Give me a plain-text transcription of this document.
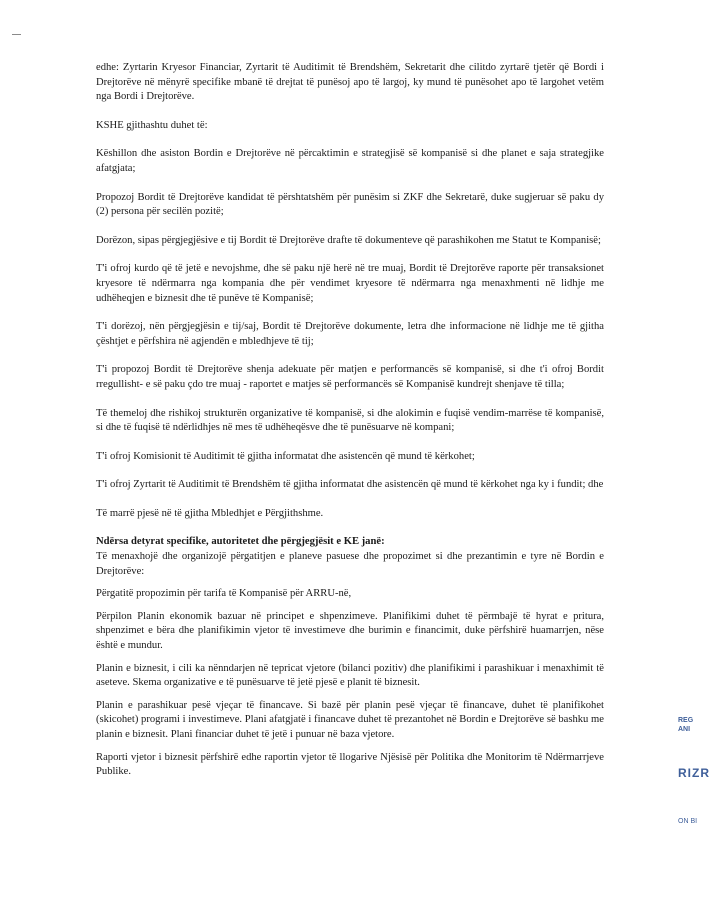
edhe: Zyrtarin Kryesor Financiar, Zyrtarit të Auditimit të Brendshëm, Sekretarit dhe cilitdo zyrtarë tjetër që Bordi i Drejtorëve në mënyrë specifike mbanë të drejtat të punësoj apo të largoj, ky mund të punësohet apo të largohet vetëm nga Bordi i Drejtorëve.

KSHE gjithashtu duhet të:

Këshillon dhe asiston Bordin e Drejtorëve në përcaktimin e strategjisë së kompanisë si dhe planet e saja strategjike afatgjata;

Propozoj Bordit të Drejtorëve kandidat të përshtatshëm për punësim si ZKF dhe Sekretarë, duke sugjeruar së paku dy (2) persona për secilën pozitë;

Dorëzon, sipas përgjegjësive e tij Bordit të Drejtorëve drafte të dokumenteve që parashikohen me Statut te Kompanisë;

T'i ofroj kurdo që të jetë e nevojshme, dhe së paku një herë në tre muaj, Bordit të Drejtorëve raporte për transaksionet kryesore të ndërmarra nga kompania dhe për vendimet kryesore të ndërmarra nga menaxhmenti në lidhje me udhëheqjen e biznesit dhe të punëve të Kompanisë;

T'i dorëzoj, nën përgjegjësin e tij/saj, Bordit të Drejtorëve dokumente, letra dhe informacione në lidhje me të gjitha çështjet e përfshira në agjendën e mbledhjeve të tij;

T'i propozoj Bordit të Drejtorëve shenja adekuate për matjen e performancës së kompanisë, si dhe t'i ofroj Bordit rregullisht- e së paku çdo tre muaj - raportet e matjes së performancës së Kompanisë kundrejt shenjave të tilla;

Të themeloj dhe rishikoj strukturën organizative të kompanisë, si dhe alokimin e fuqisë vendim-marrëse të kompanisë, si dhe të fuqisë të ndërlidhjes në mes të udhëheqësve dhe të punësuarve në kompani;

T'i ofroj Komisionit të Auditimit të gjitha informatat dhe asistencën që mund të kërkohet;

T'i ofroj Zyrtarit të Auditimit të Brendshëm të gjitha informatat dhe asistencën që mund të kërkohet nga ky i fundit; dhe

Të marrë pjesë në të gjitha Mbledhjet e Përgjithshme.

Ndërsa detyrat specifike, autoritetet dhe përgjegjësit e KE janë:

Të menaxhojë dhe organizojë përgatitjen e planeve pasuese dhe propozimet si dhe prezantimin e tyre në Bordin e Drejtorëve:

Përgatitë propozimin për tarifa të Kompanisë për ARRU-në,

Përpilon Planin ekonomik bazuar në principet e shpenzimeve. Planifikimi duhet të përmbajë të hyrat e pritura, shpenzimet e bëra dhe planifikimin vjetor të investimeve dhe burimin e financimit, duke përfshirë huamarrjen, nëse është e mundur.

Planin e biznesit, i cili ka nënndarjen në tepricat vjetore (bilanci pozitiv) dhe planifikimi i parashikuar i menaxhimit të aseteve. Skema organizative e të punësuarve të jetë pjesë e planit të biznesit.

Planin e parashikuar pesë vjeçar të financave. Si bazë për planin pesë vjeçar të financave, duhet të planifikohet (skicohet) programi i investimeve. Plani afatgjatë i financave duhet të prezantohet në Bordin e Drejtorëve së bashku me planin e biznesit. Plani financiar duhet të jetë i punuar në baza vjetore.

Raporti vjetor i biznesit përfshirë edhe raportin vjetor të llogarive Njësisë për Politika dhe Monitorim të Ndërmarrjeve Publike.

REG
ANI
RIZR
ON BI
